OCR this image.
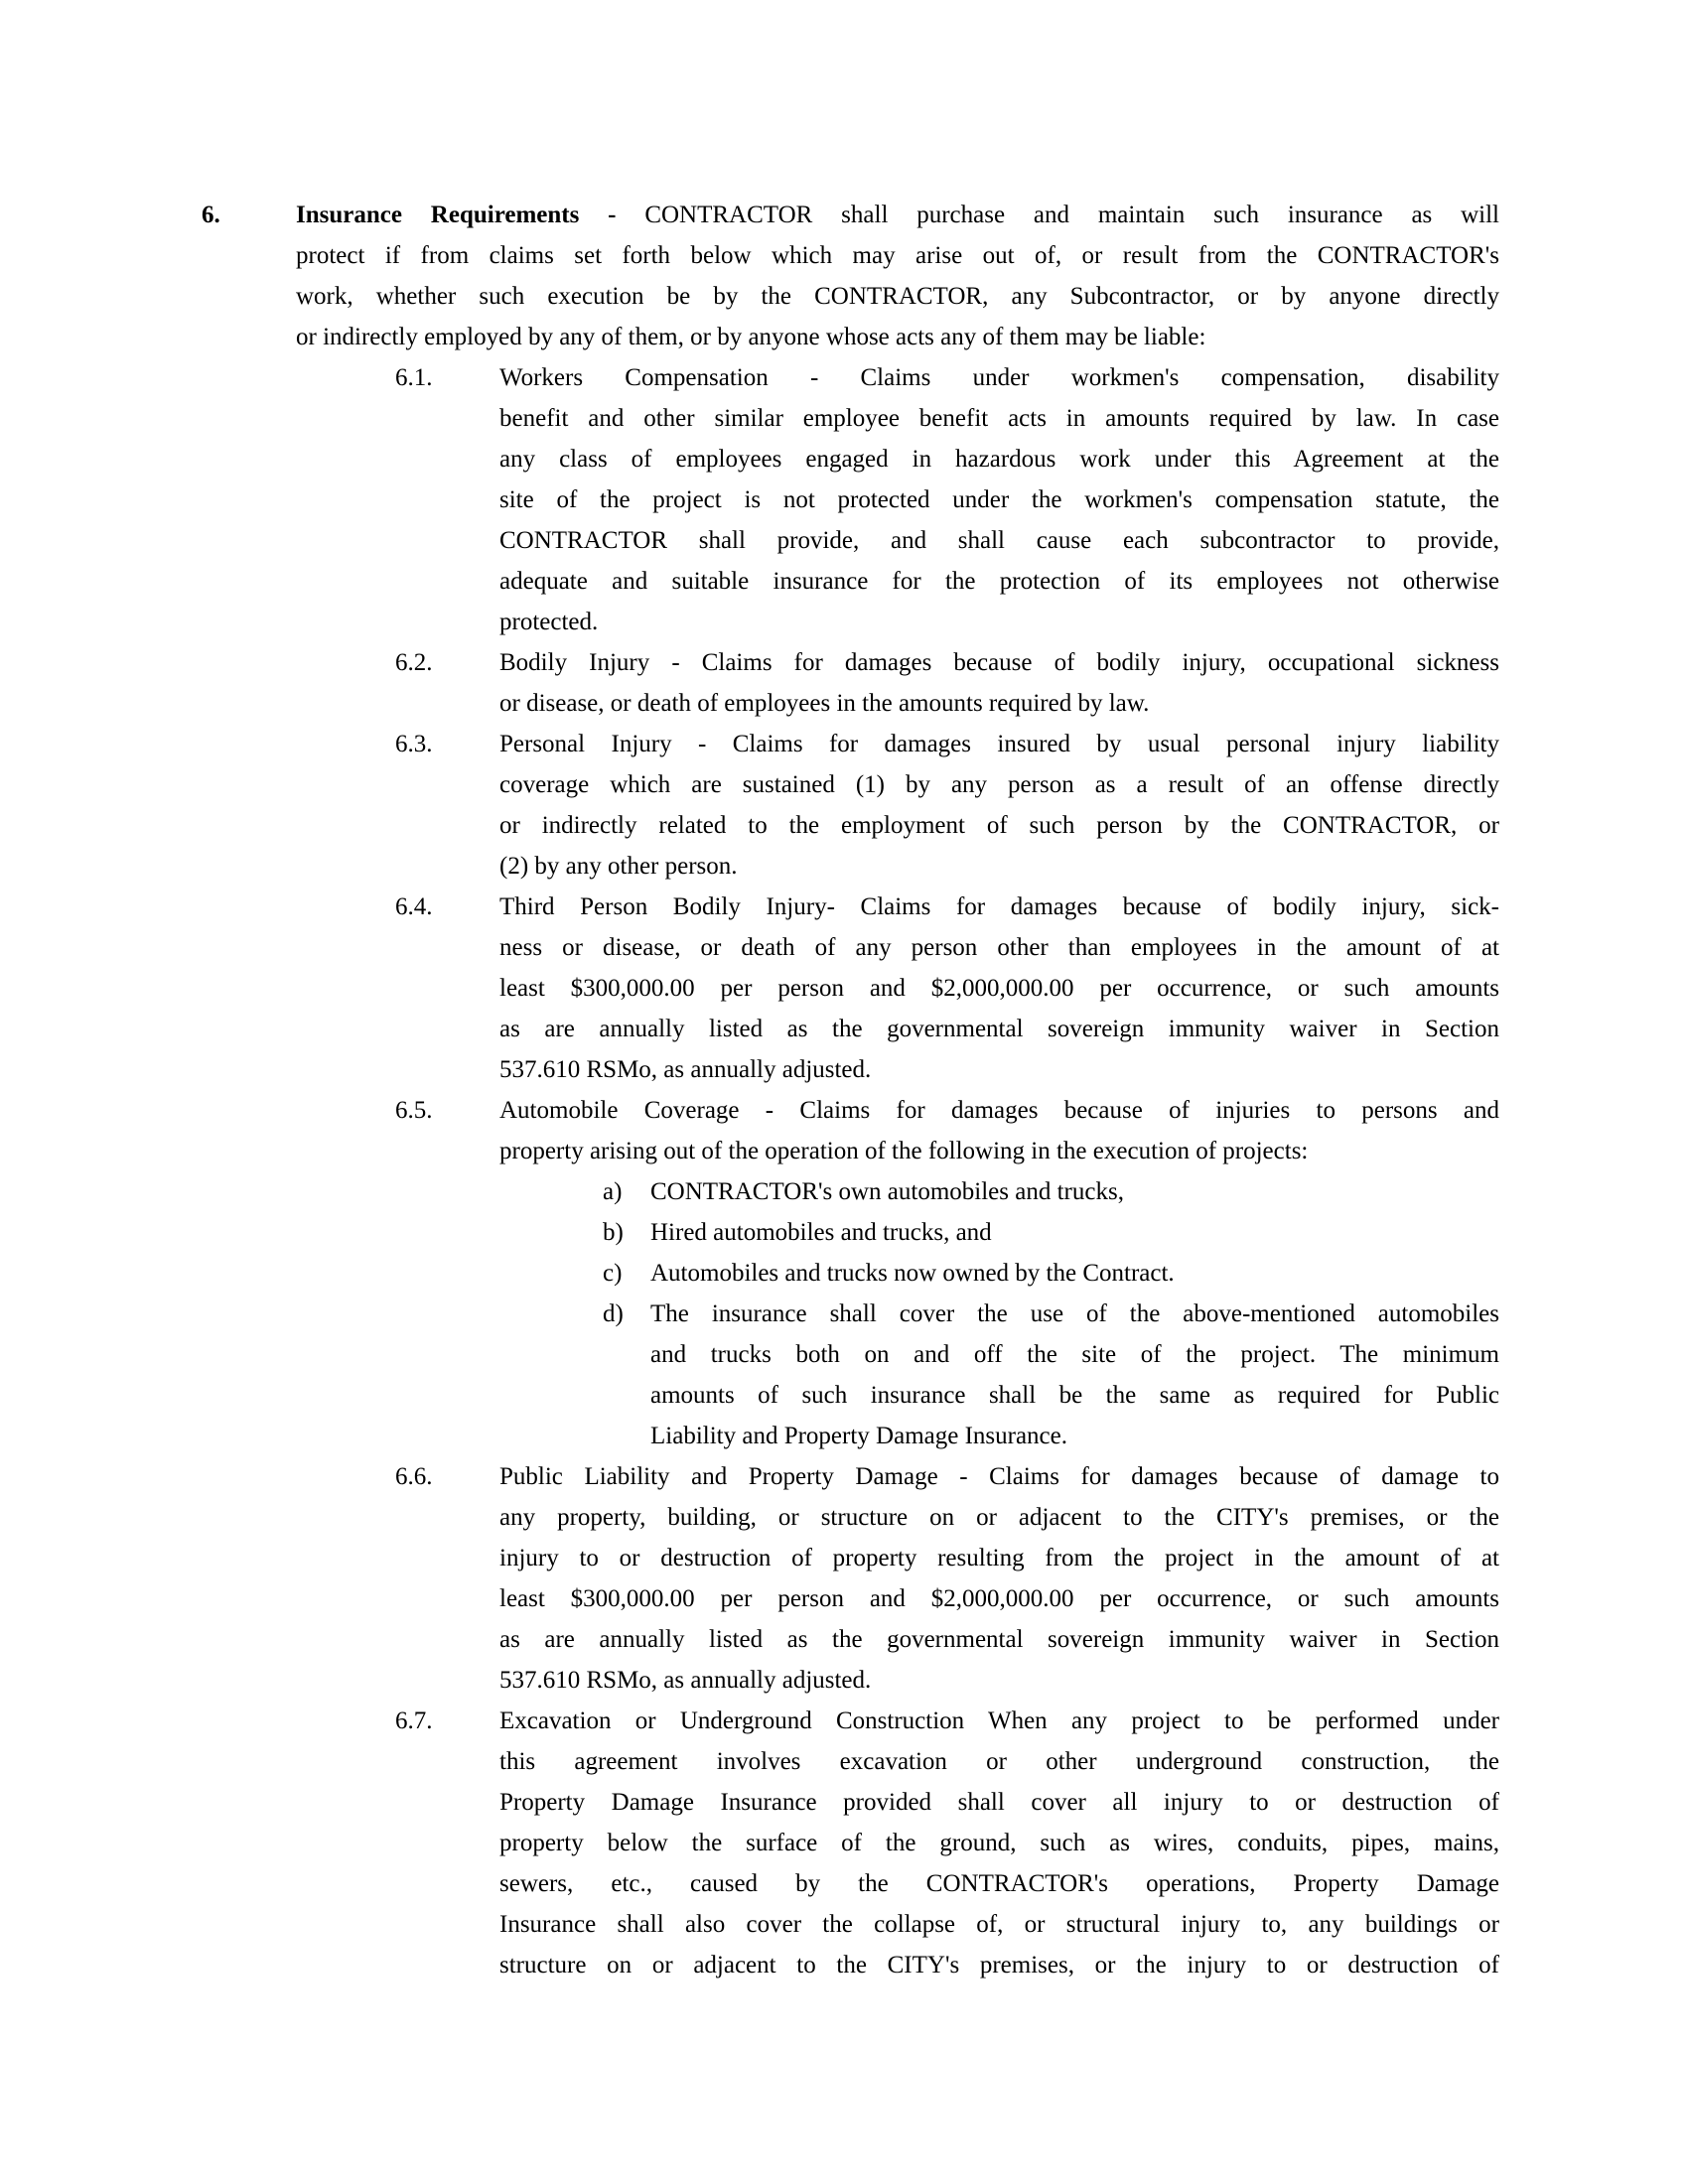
6.	Insurance Requirements - CONTRACTOR shall purchase and maintain such insurance as will
protect if from claims set forth below which may arise out of, or result from the CONTRACTOR's
work, whether such execution be by the CONTRACTOR, any Subcontractor, or by anyone directly
or indirectly employed by any of them, or by anyone whose acts any of them may be liable:
6.1.	Workers Compensation - Claims under workmen's compensation, disability
benefit and other similar employee benefit acts in amounts required by law. In case
any class of employees engaged in hazardous work under this Agreement at the
site of the project is not protected under the workmen's compensation statute, the
CONTRACTOR shall provide, and shall cause each subcontractor to provide,
adequate and suitable insurance for the protection of its employees not otherwise
protected.
6.2.	Bodily Injury - Claims for damages because of bodily injury, occupational sickness
or disease, or death of employees in the amounts required by law.
6.3.	Personal Injury - Claims for damages insured by usual personal injury liability
coverage which are sustained (1) by any person as a result of an offense directly
or indirectly related to the employment of such person by the CONTRACTOR, or
(2) by any other person.
6.4.	Third Person Bodily Injury- Claims for damages because of bodily injury, sick-
ness or disease, or death of any person other than employees in the amount of at
least $300,000.00 per person and $2,000,000.00 per occurrence, or such amounts
as are annually listed as the governmental sovereign immunity waiver in Section
537.610 RSMo, as annually adjusted.
6.5.	Automobile Coverage - Claims for damages because of injuries to persons and
property arising out of the operation of the following in the execution of projects:
a) CONTRACTOR's own automobiles and trucks,
b) Hired automobiles and trucks, and
c) Automobiles and trucks now owned by the Contract.
d) The insurance shall cover the use of the above-mentioned automobiles
and trucks both on and off the site of the project. The minimum
amounts of such insurance shall be the same as required for Public
Liability and Property Damage Insurance.
6.6.	Public Liability and Property Damage - Claims for damages because of damage to
any property, building, or structure on or adjacent to the CITY's premises, or the
injury to or destruction of property resulting from the project in the amount of at
least $300,000.00 per person and $2,000,000.00 per occurrence, or such amounts
as are annually listed as the governmental sovereign immunity waiver in Section
537.610 RSMo, as annually adjusted.
6.7.	Excavation or Underground Construction When any project to be performed under
this agreement involves excavation or other underground construction, the
Property Damage Insurance provided shall cover all injury to or destruction of
property below the surface of the ground, such as wires, conduits, pipes, mains,
sewers, etc., caused by the CONTRACTOR's operations, Property Damage
Insurance shall also cover the collapse of, or structural injury to, any buildings or
structure on or adjacent to the CITY's premises, or the injury to or destruction of
